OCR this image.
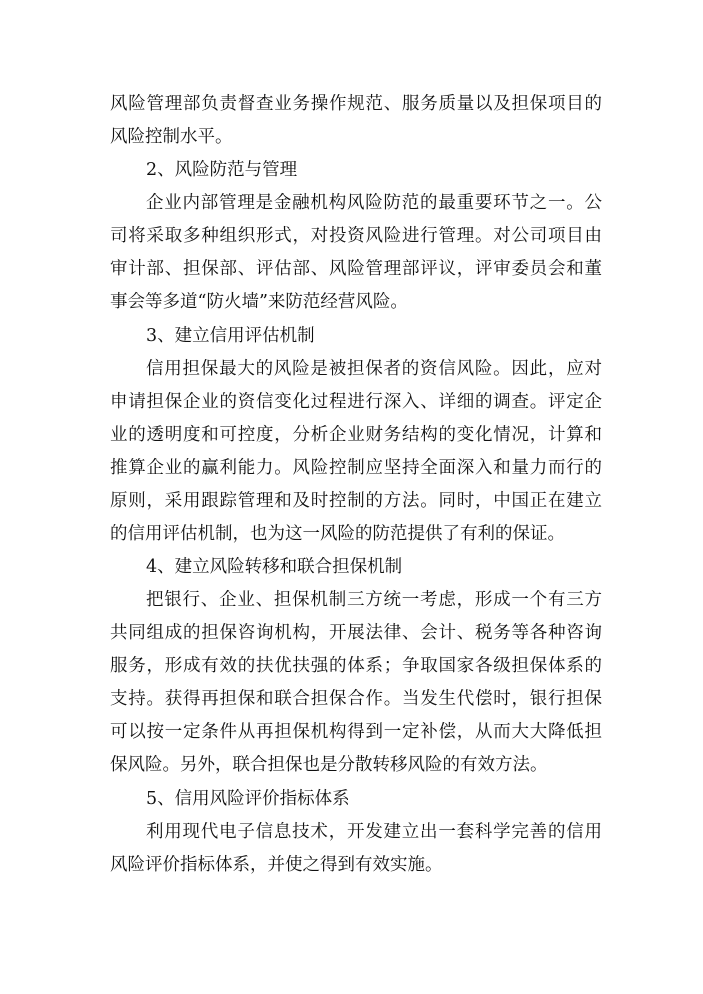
风险管理部负责督查业务操作规范、服务质量以及担保项目的
风险控制水平。
2、风险防范与管理
企业内部管理是金融机构风险防范的最重要环节之一。公
司将采取多种组织形式，对投资风险进行管理。对公司项目由
审计部、担保部、评估部、风险管理部评议，评审委员会和董
事会等多道“防火墙”来防范经营风险。
3、建立信用评估机制
信用担保最大的风险是被担保者的资信风险。因此，应对
申请担保企业的资信变化过程进行深入、详细的调查。评定企
业的透明度和可控度，分析企业财务结构的变化情况，计算和
推算企业的赢利能力。风险控制应坚持全面深入和量力而行的
原则，采用跟踪管理和及时控制的方法。同时，中国正在建立
的信用评估机制，也为这一风险的防范提供了有利的保证。
4、建立风险转移和联合担保机制
把银行、企业、担保机制三方统一考虑，形成一个有三方
共同组成的担保咨询机构，开展法律、会计、税务等各种咨询
服务，形成有效的扶优扶强的体系；争取国家各级担保体系的
支持。获得再担保和联合担保合作。当发生代偿时，银行担保
可以按一定条件从再担保机构得到一定补偿，从而大大降低担
保风险。另外，联合担保也是分散转移风险的有效方法。
5、信用风险评价指标体系
利用现代电子信息技术，开发建立出一套科学完善的信用
风险评价指标体系，并使之得到有效实施。
